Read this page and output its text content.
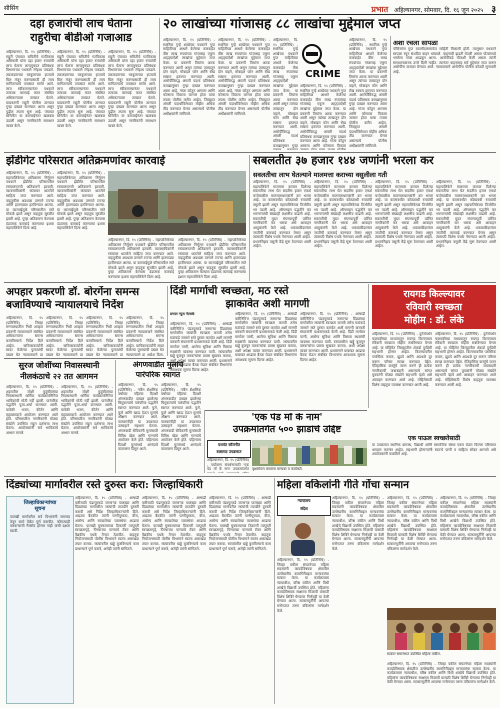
सीसिंग	प्रभात अहिल्यानगर, सोमवार, दि. १६ जून २०२५ ३
दहा हजारांची लाच घेताना
राहुरीचा बीडीओ गजाआड
अहिल्यानगर, दि. १५ (प्रतिनिधि) - राहुरी पंचायत समितीचे गटविकास अधिकारी यांना दहा हजार रुपयांची लाच घेताना लाचलुचपत प्रतिबंधक विभागाच्या पथकाने रंगेहाथ पकडले. तक्रारदाराच्या घरकुलाच्या हप्त्याचे बिल मंजूर करण्यासाठी ही लाच मागितल्याचे तपासात समोर आले. लाच स्वीकारल्यानंतर पथकाने तत्काळ कारवाई करत संबंधित अधिकाऱ्याला ताब्यात घेतले. याप्रकरणी राहुरी पोलीस ठाण्यात गुन्हा दाखल करण्यात आला असून पुढील तपास सुरू आहे. पंचायत समितीत या कारवाईनंतर खळबळ उडाली असून नागरिकांनी समाधान व्यक्त केले.
अहिल्यानगर, दि. १५ (प्रतिनिधि) - राहुरी पंचायत समितीचे गटविकास अधिकारी यांना दहा हजार रुपयांची लाच घेताना लाचलुचपत प्रतिबंधक विभागाच्या पथकाने रंगेहाथ पकडले. तक्रारदाराच्या घरकुलाच्या हप्त्याचे बिल मंजूर करण्यासाठी ही लाच मागितल्याचे तपासात समोर आले. लाच स्वीकारल्यानंतर पथकाने तत्काळ कारवाई करत संबंधित अधिकाऱ्याला ताब्यात घेतले. याप्रकरणी राहुरी पोलीस ठाण्यात गुन्हा दाखल करण्यात आला असून पुढील तपास सुरू आहे. पंचायत समितीत या कारवाईनंतर खळबळ उडाली असून नागरिकांनी समाधान व्यक्त केले.
अहिल्यानगर, दि. १५ (प्रतिनिधि) - राहुरी पंचायत समितीचे गटविकास अधिकारी यांना दहा हजार रुपयांची लाच घेताना लाचलुचपत प्रतिबंधक विभागाच्या पथकाने रंगेहाथ पकडले. तक्रारदाराच्या घरकुलाच्या हप्त्याचे बिल मंजूर करण्यासाठी ही लाच मागितल्याचे तपासात समोर आले. लाच स्वीकारल्यानंतर पथकाने तत्काळ कारवाई करत संबंधित अधिकाऱ्याला ताब्यात घेतले. याप्रकरणी राहुरी पोलीस ठाण्यात गुन्हा दाखल करण्यात आला असून पुढील तपास सुरू आहे. पंचायत समितीत या कारवाईनंतर खळबळ उडाली असून नागरिकांनी समाधान व्यक्त केले.
२० लाखांच्या गांजासह ८८ लाखांचा मुद्देमाल जप्त
अहिल्यानगर, दि. १५ (प्रतिनिधि) - स्थानिक गुन्हे शाखेच्या पथकाने गुप्त माहितीच्या आधारे केलेल्या कारवाईत वीस लाख रुपयांच्या गांजासह एकूण अठ्ठ्याऐंशी लाखांचा मुद्देमाल जप्त केला. या प्रकरणी तिघांना अटक करण्यात आली असून त्यांच्या ताब्यातून दोन वाहने, मोबाइल फोन आणि रोख रक्कम हस्तगत करण्यात आली. आरोपींविरुद्ध अंमली पदार्थ प्रतिबंधक कायद्यानुसार गुन्हा दाखल करण्यात आला आहे. गांजा कोठून आणला आणि कोणाला विकला जाणार होता याचा तपास पोलीस करीत आहेत. जिल्ह्यात अंमली पदार्थांविरोधात मोहीम अधिक तीव्र करण्यात येणार असल्याचे पोलीस अधीक्षकांनी सांगितले.
अहिल्यानगर, दि. १५ (प्रतिनिधि) - स्थानिक गुन्हे शाखेच्या पथकाने गुप्त माहितीच्या आधारे केलेल्या कारवाईत वीस लाख रुपयांच्या गांजासह एकूण अठ्ठ्याऐंशी लाखांचा मुद्देमाल जप्त केला. या प्रकरणी तिघांना अटक करण्यात आली असून त्यांच्या ताब्यातून दोन वाहने, मोबाइल फोन आणि रोख रक्कम हस्तगत करण्यात आली. आरोपींविरुद्ध अंमली पदार्थ प्रतिबंधक कायद्यानुसार गुन्हा दाखल करण्यात आला आहे. गांजा कोठून आणला आणि कोणाला विकला जाणार होता याचा तपास पोलीस करीत आहेत. जिल्ह्यात अंमली पदार्थांविरोधात मोहीम अधिक तीव्र करण्यात येणार असल्याचे पोलीस अधीक्षकांनी सांगितले.
अहिल्यानगर, दि. १५ (प्रतिनिधि) - स्थानिक गुन्हे शाखेच्या पथकाने गुप्त माहितीच्या आधारे केलेल्या कारवाईत वीस लाख रुपयांच्या गांजासह एकूण अठ्ठ्याऐंशी लाखांचा मुद्देमाल जप्त केला. या प्रकरणी तिघांना अटक करण्यात आली असून त्यांच्या ताब्यातून दोन वाहने, मोबाइल फोन आणि रोख रक्कम हस्तगत करण्यात आली. आरोपींविरुद्ध अंमली पदार्थ प्रतिबंधक कायद्यानुसार गुन्हा
CRIME
अहिल्यानगर, दि. १५ (प्रतिनिधि) - स्थानिक गुन्हे शाखेच्या पथकाने गुप्त माहितीच्या आधारे केलेल्या कारवाईत वीस लाख रुपयांच्या गांजासह एकूण अठ्ठ्याऐंशी लाखांचा मुद्देमाल जप्त केला. या प्रकरणी तिघांना अटक करण्यात आली असून त्यांच्या ताब्यातून दोन वाहने, मोबाइल फोन आणि रोख रक्कम हस्तगत करण्यात आली. आरोपींविरुद्ध अंमली पदार्थ प्रतिबंधक कायद्यानुसार गुन्हा दाखल करण्यात आला आहे. गांजा कोठून आणला आणि कोणाला विकला
अहिल्यानगर, दि. १५ (प्रतिनिधि) - स्थानिक गुन्हे शाखेच्या पथकाने गुप्त माहितीच्या आधारे केलेल्या कारवाईत वीस लाख रुपयांच्या गांजासह एकूण अठ्ठ्याऐंशी लाखांचा मुद्देमाल जप्त केला. या प्रकरणी तिघांना अटक करण्यात आली असून त्यांच्या ताब्यातून दोन वाहने, मोबाइल फोन आणि रोख रक्कम हस्तगत करण्यात आली. आरोपींविरुद्ध अंमली पदार्थ प्रतिबंधक कायद्यानुसार गुन्हा दाखल करण्यात आला आहे. गांजा कोठून आणला आणि कोणाला विकला जाणार होता याचा तपास पोलीस करीत आहेत. जिल्ह्यात अंमली पदार्थांविरोधात मोहीम अधिक तीव्र करण्यात येणार असल्याचे पोलीस अधीक्षकांनी सांगितले.
अशा रचला सापळा
पोलिसांना गुप्त बातमीदारामार्फत माहिती मिळाली होती. त्यानुसार पथकाने सापळा रचून संशयित वाहन थांबवले. वाहनाची झडती घेतली असता पोत्यांमध्ये भरलेला गांजा आढळून आला. आरोपींकडे चौकशी केली असता त्यांनी समाधानकारक उत्तरे दिली नाहीत. त्यानंतर वाहनासह सर्व मुद्देमाल जप्त करून आरोपींना ताब्यात घेण्यात आले. न्यायालयाने आरोपींना पोलीस कोठडी सुनावली आहे.
झेंडीगेट परिसरात अतिक्रमणांवर कारवाई
अहिल्यानगर, दि. १५ (प्रतिनिधि) - महापालिकेच्या अतिक्रमण निर्मूलन पथकाने झेंडीगेट परिसरातील रस्त्यालगतची अतिक्रमणे हटवली. व्यावसायिकांनी रस्त्यावर थाटलेले साहित्य जप्त करण्यात आले. वाहतुकीस अडथळा ठरणारे टपऱ्या आणि हातगाड्या हटविण्यात आल्या. या कारवाईमुळे परिसरातील रस्ते मोकळे झाले असून वाहतूक सुरळीत झाली आहे. पुन्हा अतिक्रमण केल्यास दंडात्मक कारवाई करण्याचा इशारा महापालिकेने दिला आहे.
अहिल्यानगर, दि. १५ (प्रतिनिधि) - महापालिकेच्या अतिक्रमण निर्मूलन पथकाने झेंडीगेट परिसरातील रस्त्यालगतची अतिक्रमणे हटवली. व्यावसायिकांनी रस्त्यावर थाटलेले साहित्य जप्त करण्यात आले. वाहतुकीस अडथळा ठरणारे टपऱ्या आणि हातगाड्या हटविण्यात आल्या. या कारवाईमुळे परिसरातील रस्ते मोकळे झाले असून वाहतूक सुरळीत झाली आहे. पुन्हा अतिक्रमण केल्यास दंडात्मक कारवाई करण्याचा इशारा महापालिकेने दिला आहे.
अहिल्यानगर, दि. १५ (प्रतिनिधि) - महापालिकेच्या अतिक्रमण निर्मूलन पथकाने झेंडीगेट परिसरातील रस्त्यालगतची अतिक्रमणे हटवली. व्यावसायिकांनी रस्त्यावर थाटलेले साहित्य जप्त करण्यात आले. वाहतुकीस अडथळा ठरणारे टपऱ्या आणि हातगाड्या हटविण्यात आल्या. या कारवाईमुळे परिसरातील रस्ते मोकळे झाले असून वाहतूक सुरळीत झाली आहे. पुन्हा अतिक्रमण केल्यास दंडात्मक कारवाई करण्याचा इशारा महापालिकेने दिला आहे.
अहिल्यानगर, दि. १५ (प्रतिनिधि) - महापालिकेच्या अतिक्रमण निर्मूलन पथकाने झेंडीगेट परिसरातील रस्त्यालगतची अतिक्रमणे हटवली. व्यावसायिकांनी रस्त्यावर थाटलेले साहित्य जप्त करण्यात आले. वाहतुकीस अडथळा ठरणारे टपऱ्या आणि हातगाड्या हटविण्यात आल्या. या कारवाईमुळे परिसरातील रस्ते मोकळे झाले असून वाहतूक सुरळीत झाली आहे. पुन्हा अतिक्रमण केल्यास दंडात्मक कारवाई करण्याचा इशारा महापालिकेने दिला आहे.
सबलतीत ३७ हजार १४४ जणांनी भरला कर
सवलतीचा लाभ घेतल्याने मालमत्ता कराच्या वसुलीला गती
अहिल्यानगर, दि. १५ (प्रतिनिधि) - महापालिकेने मालमत्ता करावर दिलेल्या सवलतीचा लाभ घेत सदतीस हजार एकशे चव्वेचाळीस मालमत्ताधारकांनी कर भरला आहे. या कालावधीत कोट्यवधी रुपयांची वसुली झाली असून महापालिकेच्या तिजोरीत भर पडली आहे. ऑनलाइन पद्धतीने कर भरणाऱ्यांची संख्याही लक्षणीय वाढली आहे. सवलतीची मुदत संपण्यापूर्वी उर्वरित नागरिकांनी कर भरावा असे आवाहन आयुक्तांनी केले आहे. थकबाकीदारांवर जप्तीची कारवाई करण्यात येणार असून त्यासाठी विशेष पथके नेमण्यात आली आहेत. प्रभागनिहाय वसुली केंद्रे सुरू ठेवण्यात आली आहेत.
अहिल्यानगर, दि. १५ (प्रतिनिधि) - महापालिकेने मालमत्ता करावर दिलेल्या सवलतीचा लाभ घेत सदतीस हजार एकशे चव्वेचाळीस मालमत्ताधारकांनी कर भरला आहे. या कालावधीत कोट्यवधी रुपयांची वसुली झाली असून महापालिकेच्या तिजोरीत भर पडली आहे. ऑनलाइन पद्धतीने कर भरणाऱ्यांची संख्याही लक्षणीय वाढली आहे. सवलतीची मुदत संपण्यापूर्वी उर्वरित नागरिकांनी कर भरावा असे आवाहन आयुक्तांनी केले आहे. थकबाकीदारांवर जप्तीची कारवाई करण्यात येणार असून त्यासाठी विशेष पथके नेमण्यात आली आहेत. प्रभागनिहाय वसुली केंद्रे सुरू ठेवण्यात आली आहेत.
अहिल्यानगर, दि. १५ (प्रतिनिधि) - महापालिकेने मालमत्ता करावर दिलेल्या सवलतीचा लाभ घेत सदतीस हजार एकशे चव्वेचाळीस मालमत्ताधारकांनी कर भरला आहे. या कालावधीत कोट्यवधी रुपयांची वसुली झाली असून महापालिकेच्या तिजोरीत भर पडली आहे. ऑनलाइन पद्धतीने कर भरणाऱ्यांची संख्याही लक्षणीय वाढली आहे. सवलतीची मुदत संपण्यापूर्वी उर्वरित नागरिकांनी कर भरावा असे आवाहन आयुक्तांनी केले आहे. थकबाकीदारांवर जप्तीची कारवाई करण्यात येणार असून त्यासाठी विशेष पथके नेमण्यात आली आहेत. प्रभागनिहाय वसुली केंद्रे सुरू ठेवण्यात आली आहेत.
अहिल्यानगर, दि. १५ (प्रतिनिधि) - महापालिकेने मालमत्ता करावर दिलेल्या सवलतीचा लाभ घेत सदतीस हजार एकशे चव्वेचाळीस मालमत्ताधारकांनी कर भरला आहे. या कालावधीत कोट्यवधी रुपयांची वसुली झाली असून महापालिकेच्या तिजोरीत भर पडली आहे. ऑनलाइन पद्धतीने कर भरणाऱ्यांची संख्याही लक्षणीय वाढली आहे. सवलतीची मुदत संपण्यापूर्वी उर्वरित नागरिकांनी कर भरावा असे आवाहन आयुक्तांनी केले आहे. थकबाकीदारांवर जप्तीची कारवाई करण्यात येणार असून त्यासाठी विशेष पथके नेमण्यात आली आहेत. प्रभागनिहाय वसुली केंद्रे सुरू ठेवण्यात आली आहेत.
अपहार प्रकरणी डॉ. बोरगेंना समन्स
बजाविण्याचे न्यायालयाचे निर्देश
अहिल्यानगर, दि. १५ (प्रतिनिधि) - जिल्हा रुग्णालयातील निधी अपहार प्रकरणी न्यायालयाने संबंधित अधिकाऱ्यांना समन्स बजाविण्याचे निर्देश दिले आहेत. याचिकाकर्त्यांनी सादर केलेल्या पुराव्यांची दखल घेत न्यायालयाने हा
अहिल्यानगर, दि. १५ (प्रतिनिधि) - जिल्हा रुग्णालयातील निधी अपहार प्रकरणी न्यायालयाने संबंधित अधिकाऱ्यांना समन्स बजाविण्याचे निर्देश दिले आहेत. याचिकाकर्त्यांनी सादर केलेल्या पुराव्यांची दखल घेत न्यायालयाने हा
अहिल्यानगर, दि. १५ (प्रतिनिधि) - जिल्हा रुग्णालयातील निधी अपहार प्रकरणी न्यायालयाने संबंधित अधिकाऱ्यांना समन्स बजाविण्याचे निर्देश दिले आहेत. याचिकाकर्त्यांनी सादर केलेल्या पुराव्यांची दखल घेत न्यायालयाने हा
अहिल्यानगर, दि. १५ (प्रतिनिधि) - जिल्हा रुग्णालयातील निधी अपहार प्रकरणी न्यायालयाने संबंधित अधिकाऱ्यांना समन्स बजाविण्याचे निर्देश दिले आहेत. याचिकाकर्त्यांनी सादर केलेल्या पुराव्यांची दखल घेत न्यायालयाने हा आदेश दिला.
दिंडी मार्गाची स्वच्छता, मठ रस्ते
झाकावेत अशी मागणी
प्रभात न्यूज नेटवर्क
अहिल्यानगर, दि. १५ (प्रतिनिधि) - आषाढी वारीनिमित्त पंढरपूरकडे जाणाऱ्या दिंड्यांच्या मार्गावरील रस्त्यांची स्वच्छता करावी तसेच मठांकडे जाणारे रस्ते दुरुस्त करावेत अशी मागणी वारकरी संघटनांनी प्रशासनाकडे केली आहे. दिंडी मार्गावर पाणी, आरोग्य सुविधा आणि विसावा स्थळांची व्यवस्था करण्यात यावी. रस्त्यावरील खड्डे बुजवून वारकऱ्यांचा प्रवास सुखकर करावा, अशी अपेक्षा व्यक्त करण्यात आली. प्रशासनाने याबाबत आढावा बैठक घेऊन संबंधित विभागांना आवश्यक सूचना दिल्या आहेत.
अहिल्यानगर, दि. १५ (प्रतिनिधि) - आषाढी वारीनिमित्त पंढरपूरकडे जाणाऱ्या दिंड्यांच्या मार्गावरील रस्त्यांची स्वच्छता करावी तसेच मठांकडे जाणारे रस्ते दुरुस्त करावेत अशी मागणी वारकरी संघटनांनी प्रशासनाकडे केली आहे. दिंडी मार्गावर पाणी, आरोग्य सुविधा आणि विसावा स्थळांची व्यवस्था करण्यात यावी. रस्त्यावरील खड्डे बुजवून वारकऱ्यांचा प्रवास सुखकर करावा, अशी अपेक्षा व्यक्त करण्यात आली. प्रशासनाने याबाबत आढावा बैठक घेऊन संबंधित विभागांना आवश्यक सूचना दिल्या आहेत.
अहिल्यानगर, दि. १५ (प्रतिनिधि) - आषाढी वारीनिमित्त पंढरपूरकडे जाणाऱ्या दिंड्यांच्या मार्गावरील रस्त्यांची स्वच्छता करावी तसेच मठांकडे जाणारे रस्ते दुरुस्त करावेत अशी मागणी वारकरी संघटनांनी प्रशासनाकडे केली आहे. दिंडी मार्गावर पाणी, आरोग्य सुविधा आणि विसावा स्थळांची व्यवस्था करण्यात यावी. रस्त्यावरील खड्डे बुजवून वारकऱ्यांचा प्रवास सुखकर करावा, अशी अपेक्षा व्यक्त करण्यात आली. प्रशासनाने याबाबत आढावा बैठक घेऊन संबंधित विभागांना आवश्यक सूचना दिल्या आहेत.
रायगड किल्ल्यावर
रविवारी स्वच्छता
मोहीम : डॉ. लंके
अहिल्यानगर, दि. १५ (प्रतिनिधि) - दुर्गसंवर्धन चळवळीच्या माध्यमातून रायगड किल्ल्यावर रविवारी स्वच्छता मोहीम राबविण्यात येणार आहे. या मोहिमेत जिल्ह्यातील शेकडो दुर्गप्रेमी सहभागी होणार आहेत. किल्ल्यावरील प्लास्टिक कचरा, झुडपे आणि अडथळे दूर करून परिसर स्वच्छ करण्यात येईल. ऐतिहासिक वास्तूंचे जतन करणे ही प्रत्येक नागरिकाची जबाबदारी असल्याचे सांगत युवकांनी मोठ्या संख्येने सहभागी व्हावे असे आवाहन करण्यात आले आहे. मोहिमेसाठी विशेष वाहतूक व्यवस्था करण्यात आली आहे.
अहिल्यानगर, दि. १५ (प्रतिनिधि) - दुर्गसंवर्धन चळवळीच्या माध्यमातून रायगड किल्ल्यावर रविवारी स्वच्छता मोहीम राबविण्यात येणार आहे. या मोहिमेत जिल्ह्यातील शेकडो दुर्गप्रेमी सहभागी होणार आहेत. किल्ल्यावरील प्लास्टिक कचरा, झुडपे आणि अडथळे दूर करून परिसर स्वच्छ करण्यात येईल. ऐतिहासिक वास्तूंचे जतन करणे ही प्रत्येक नागरिकाची जबाबदारी असल्याचे सांगत युवकांनी मोठ्या संख्येने सहभागी व्हावे असे आवाहन करण्यात आले आहे. मोहिमेसाठी विशेष वाहतूक व्यवस्था करण्यात आली आहे.
एक पाऊल स्वच्छतेसाठी
या उपक्रमात स्थानिक ग्रामस्थ, विद्यार्थी आणि सामाजिक संस्था एकत्र येऊन किल्ला परिसरात श्रमदान करणार आहेत. सहभागी होणाऱ्यांनी स्वतःचे पाणी व साहित्य सोबत आणावे असे आयोजकांनी कळविले आहे.
सुरज जोशींच्या निवासस्थानी
नीलकंठाचे २२ तत आगमन
अहिल्यानगर, दि. १५ (प्रतिनिधि) - शहरातील जोशी कुटुंबीयांच्या निवासस्थानी धार्मिक कार्यक्रमानिमित्त भाविकांची मोठी गर्दी झाली. पारंपरिक पद्धतीने पूजा-अर्चा करण्यात आली. यावेळी भजन, कीर्तन आणि महाप्रसादाचे आयोजन करण्यात आले होते. परिसरातील नागरिकांनी मोठ्या संख्येने उपस्थित राहून दर्शनाचा लाभ घेतला. आयोजकांनी सर्व भाविकांचे आभार मानले.
अहिल्यानगर, दि. १५ (प्रतिनिधि) - शहरातील जोशी कुटुंबीयांच्या निवासस्थानी धार्मिक कार्यक्रमानिमित्त भाविकांची मोठी गर्दी झाली. पारंपरिक पद्धतीने पूजा-अर्चा करण्यात आली. यावेळी भजन, कीर्तन आणि महाप्रसादाचे आयोजन करण्यात आले होते. परिसरातील नागरिकांनी मोठ्या संख्येने उपस्थित राहून दर्शनाचा लाभ घेतला. आयोजकांनी सर्व भाविकांचे आभार मानले.
अंगणवाडीत मुलांचे
पारंपरिक स्वागत
अहिल्यानगर, दि. १५ (प्रतिनिधि) - नवीन शैक्षणिक वर्षाच्या पहिल्या दिवशी अंगणवाडीत दाखल झालेल्या चिमुकल्यांचे पारंपरिक पद्धतीने स्वागत करण्यात आले. फुगे, फुले आणि खाऊ देऊन मुलांचे औक्षण करण्यात आले. पालकांनीही या उपक्रमात उत्साहाने सहभाग घेतला. अंगणवाडी सेविकांनी मुलांसाठी विविध खेळ आणि गाण्यांचे आयोजन केले होते. पहिल्याच दिवशी मुलांमध्ये आनंदाचे वातावरण दिसून आले.
अहिल्यानगर, दि. १५ (प्रतिनिधि) - नवीन शैक्षणिक वर्षाच्या पहिल्या दिवशी अंगणवाडीत दाखल झालेल्या चिमुकल्यांचे पारंपरिक पद्धतीने स्वागत करण्यात आले. फुगे, फुले आणि खाऊ देऊन मुलांचे औक्षण करण्यात आले. पालकांनीही या उपक्रमात उत्साहाने सहभाग घेतला. अंगणवाडी सेविकांनी मुलांसाठी विविध खेळ आणि गाण्यांचे आयोजन केले होते. पहिल्याच दिवशी मुलांमध्ये आनंदाचे वातावरण दिसून आले.
'एक पेड माँ के नाम'
उपक्रमांतर्गत ५०० झाडांचे उद्दिष्ट
यशवंत कॉलनीत
बाबाच्या उपक्रमात
अहिल्यानगर, दि. १५ (प्रतिनिधि) - पर्यावरण संवर्धनासाठी 'एक पेड माँ के नाम' उपक्रमांतर्गत वृक्षारोपण करताना मान्यवर व कार्यकर्ते.
दिंड्यांच्या मार्गावरील रस्ते दुरुस्त करा: जिल्हाधिकारी
जिल्हाधिकाऱ्यांच्या
सूचना
पालखी मार्गावरील सर्व विभागांनी समन्वय ठेवून कामे वेळेत पूर्ण करावीत. कोणत्याही वारकऱ्याची गैरसोय होणार नाही याची दक्षता घ्यावी.
अहिल्यानगर, दि. १५ (प्रतिनिधि) - आषाढी वारीसाठी पंढरपूरकडे जाणाऱ्या पालख्या आणि दिंड्यांच्या मार्गावरील रस्त्यांची तातडीने दुरुस्ती करावी असे निर्देश जिल्हाधिकाऱ्यांनी दिले. आढावा बैठकीत त्यांनी पाणीपुरवठा, वीज, आरोग्य आणि स्वच्छतेच्या व्यवस्थेचा आढावा घेतला. पालखी मुक्कामाच्या ठिकाणी तात्पुरती स्वच्छतागृहे, पिण्याच्या पाण्याचे टँकर आणि वैद्यकीय पथके तैनात ठेवावीत. वाहतूक नियोजनासाठी पोलीस विभागाने स्वतंत्र आराखडा तयार करावा. रस्त्यांवरील खड्डे बुजविण्याचे काम प्राधान्याने पूर्ण करावे, असेही त्यांनी सांगितले.
अहिल्यानगर, दि. १५ (प्रतिनिधि) - आषाढी वारीसाठी पंढरपूरकडे जाणाऱ्या पालख्या आणि दिंड्यांच्या मार्गावरील रस्त्यांची तातडीने दुरुस्ती करावी असे निर्देश जिल्हाधिकाऱ्यांनी दिले. आढावा बैठकीत त्यांनी पाणीपुरवठा, वीज, आरोग्य आणि स्वच्छतेच्या व्यवस्थेचा आढावा घेतला. पालखी मुक्कामाच्या ठिकाणी तात्पुरती स्वच्छतागृहे, पिण्याच्या पाण्याचे टँकर आणि वैद्यकीय पथके तैनात ठेवावीत. वाहतूक नियोजनासाठी पोलीस विभागाने स्वतंत्र आराखडा तयार करावा. रस्त्यांवरील खड्डे बुजविण्याचे काम प्राधान्याने पूर्ण करावे, असेही त्यांनी सांगितले.
अहिल्यानगर, दि. १५ (प्रतिनिधि) - आषाढी वारीसाठी पंढरपूरकडे जाणाऱ्या पालख्या आणि दिंड्यांच्या मार्गावरील रस्त्यांची तातडीने दुरुस्ती करावी असे निर्देश जिल्हाधिकाऱ्यांनी दिले. आढावा बैठकीत त्यांनी पाणीपुरवठा, वीज, आरोग्य आणि स्वच्छतेच्या व्यवस्थेचा आढावा घेतला. पालखी मुक्कामाच्या ठिकाणी तात्पुरती स्वच्छतागृहे, पिण्याच्या पाण्याचे टँकर आणि वैद्यकीय पथके तैनात ठेवावीत. वाहतूक नियोजनासाठी पोलीस विभागाने स्वतंत्र आराखडा तयार करावा. रस्त्यांवरील खड्डे बुजविण्याचे काम प्राधान्याने पूर्ण करावे, असेही त्यांनी सांगितले.
महिला वकिलांनी गीते गोंचा सन्मान
न्यायालय
संदेश
अहिल्यानगर, दि. १५ (प्रतिनिधि) - जिल्हा वकील संघटनेच्या महिला सदस्यांनी कायदेविषयक क्षेत्रातील उल्लेखनीय कामगिरीबद्दल मान्यवरांचा सत्कार केला. या कार्यक्रमाला न्यायाधीश, वरिष्ठ वकील आणि विधी शाखेचे विद्यार्थी उपस्थित होते. महिलांना कायदेविषयक साक्षरता मिळावी यासाठी विशेष शिबिरे घेण्याचा निर्णयही या वेळी घेण्यात आला. सत्कारमूर्तींनी आपल्या मनोगतात तरुण वकिलांना मार्गदर्शन केले.
अहिल्यानगर, दि. १५ (प्रतिनिधि) - जिल्हा वकील संघटनेच्या महिला सदस्यांनी कायदेविषयक क्षेत्रातील उल्लेखनीय कामगिरीबद्दल मान्यवरांचा सत्कार केला. या कार्यक्रमाला न्यायाधीश, वरिष्ठ वकील आणि विधी शाखेचे विद्यार्थी उपस्थित होते. महिलांना कायदेविषयक साक्षरता मिळावी यासाठी विशेष शिबिरे घेण्याचा निर्णयही या वेळी घेण्यात आला. सत्कारमूर्तींनी आपल्या मनोगतात तरुण वकिलांना मार्गदर्शन केले.
अहिल्यानगर, दि. १५ (प्रतिनिधि) - जिल्हा वकील संघटनेच्या महिला सदस्यांनी कायदेविषयक क्षेत्रातील उल्लेखनीय कामगिरीबद्दल मान्यवरांचा सत्कार केला. या कार्यक्रमाला न्यायाधीश, वरिष्ठ वकील आणि विधी शाखेचे विद्यार्थी उपस्थित होते. महिलांना कायदेविषयक साक्षरता मिळावी यासाठी विशेष शिबिरे घेण्याचा निर्णयही या वेळी घेण्यात आला. सत्कारमूर्तींनी आपल्या मनोगतात तरुण वकिलांना मार्गदर्शन केले.
सत्कार समारंभात उपस्थित महिला वकील.
अहिल्यानगर, दि. १५ (प्रतिनिधि) - जिल्हा वकील संघटनेच्या महिला सदस्यांनी कायदेविषयक क्षेत्रातील उल्लेखनीय कामगिरीबद्दल मान्यवरांचा सत्कार केला. या कार्यक्रमाला न्यायाधीश, वरिष्ठ वकील आणि विधी शाखेचे विद्यार्थी उपस्थित होते. महिलांना कायदेविषयक साक्षरता मिळावी यासाठी विशेष शिबिरे घेण्याचा निर्णयही या वेळी घेण्यात आला. सत्कारमूर्तींनी आपल्या मनोगतात तरुण वकिलांना मार्गदर्शन केले.
अहिल्यानगर, दि. १५ (प्रतिनिधि) - जिल्हा वकील संघटनेच्या महिला सदस्यांनी कायदेविषयक क्षेत्रातील उल्लेखनीय कामगिरीबद्दल मान्यवरांचा सत्कार केला. या कार्यक्रमाला न्यायाधीश, वरिष्ठ वकील आणि विधी शाखेचे विद्यार्थी उपस्थित होते. महिलांना कायदेविषयक साक्षरता मिळावी यासाठी विशेष शिबिरे घेण्याचा निर्णयही या वेळी घेण्यात आला. सत्कारमूर्तींनी आपल्या मनोगतात तरुण वकिलांना मार्गदर्शन केले.
